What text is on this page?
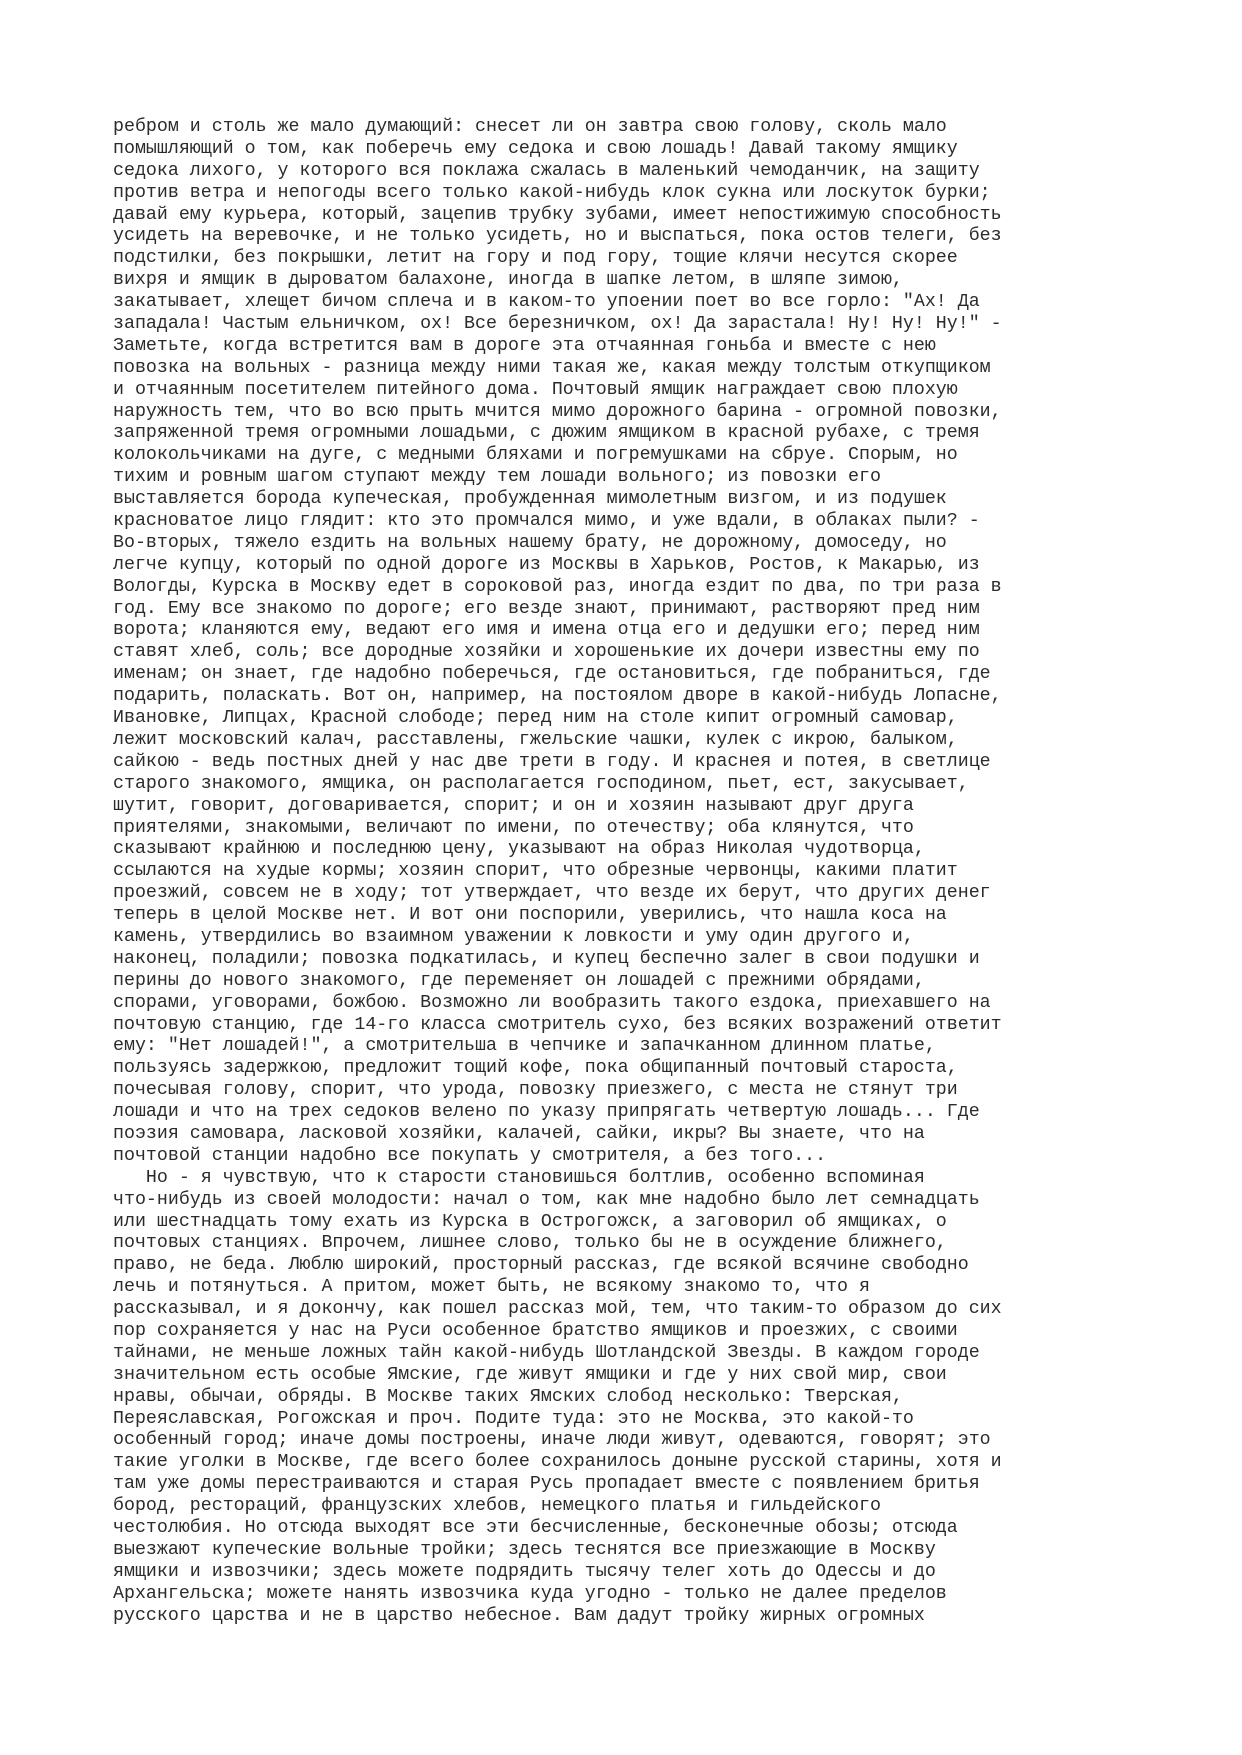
ребром и столь же мало думающий: снесет ли он завтра свою голову, сколь мало
помышляющий о том, как поберечь ему седока и свою лошадь! Давай такому ямщику
седока лихого, у которого вся поклажа сжалась в маленький чемоданчик, на защиту
против ветра и непогоды всего только какой-нибудь клок сукна или лоскуток бурки;
давай ему курьера, который, зацепив трубку зубами, имеет непостижимую способность
усидеть на веревочке, и не только усидеть, но и выспаться, пока остов телеги, без
подстилки, без покрышки, летит на гору и под гору, тощие клячи несутся скорее
вихря и ямщик в дыроватом балахоне, иногда в шапке летом, в шляпе зимою,
закатывает, хлещет бичом сплеча и в каком-то упоении поет во все горло: "Ах! Да
западала! Частым ельничком, ох! Все березничком, ох! Да зарастала! Ну! Ну! Ну!" -
Заметьте, когда встретится вам в дороге эта отчаянная гоньба и вместе с нею
повозка на вольных - разница между ними такая же, какая между толстым откупщиком
и отчаянным посетителем питейного дома. Почтовый ямщик награждает свою плохую
наружность тем, что во всю прыть мчится мимо дорожного барина - огромной повозки,
запряженной тремя огромными лошадьми, с дюжим ямщиком в красной рубахе, с тремя
колокольчиками на дуге, с медными бляхами и погремушками на сбруе. Спорым, но
тихим и ровным шагом ступают между тем лошади вольного; из повозки его
выставляется борода купеческая, пробужденная мимолетным визгом, и из подушек
красноватое лицо глядит: кто это промчался мимо, и уже вдали, в облаках пыли? -
Во-вторых, тяжело ездить на вольных нашему брату, не дорожному, домоседу, но
легче купцу, который по одной дороге из Москвы в Харьков, Ростов, к Макарью, из
Вологды, Курска в Москву едет в сороковой раз, иногда ездит по два, по три раза в
год. Ему все знакомо по дороге; его везде знают, принимают, растворяют пред ним
ворота; кланяются ему, ведают его имя и имена отца его и дедушки его; перед ним
ставят хлеб, соль; все дородные хозяйки и хорошенькие их дочери известны ему по
именам; он знает, где надобно поберечься, где остановиться, где побраниться, где
подарить, поласкать. Вот он, например, на постоялом дворе в какой-нибудь Лопасне,
Ивановке, Липцах, Красной слободе; перед ним на столе кипит огромный самовар,
лежит московский калач, расставлены, гжельские чашки, кулек с икрою, балыком,
сайкою - ведь постных дней у нас две трети в году. И краснея и потея, в светлице
старого знакомого, ямщика, он располагается господином, пьет, ест, закусывает,
шутит, говорит, договаривается, спорит; и он и хозяин называют друг друга
приятелями, знакомыми, величают по имени, по отечеству; оба клянутся, что
сказывают крайнюю и последнюю цену, указывают на образ Николая чудотворца,
ссылаются на худые кормы; хозяин спорит, что обрезные червонцы, какими платит
проезжий, совсем не в ходу; тот утверждает, что везде их берут, что других денег
теперь в целой Москве нет. И вот они поспорили, уверились, что нашла коса на
камень, утвердились во взаимном уважении к ловкости и уму один другого и,
наконец, поладили; повозка подкатилась, и купец беспечно залег в свои подушки и
перины до нового знакомого, где переменяет он лошадей с прежними обрядами,
спорами, уговорами, божбою. Возможно ли вообразить такого ездока, приехавшего на
почтовую станцию, где 14-го класса смотритель сухо, без всяких возражений ответит
ему: "Нет лошадей!", а смотрительша в чепчике и запачканном длинном платье,
пользуясь задержкою, предложит тощий кофе, пока общипанный почтовый староста,
почесывая голову, спорит, что урода, повозку приезжего, с места не стянут три
лошади и что на трех седоков велено по указу припрягать четвертую лошадь... Где
поэзия самовара, ласковой хозяйки, калачей, сайки, икры? Вы знаете, что на
почтовой станции надобно все покупать у смотрителя, а без того...
Но - я чувствую, что к старости становишься болтлив, особенно вспоминая
что-нибудь из своей молодости: начал о том, как мне надобно было лет семнадцать
или шестнадцать тому ехать из Курска в Острогожск, а заговорил об ямщиках, о
почтовых станциях. Впрочем, лишнее слово, только бы не в осуждение ближнего,
право, не беда. Люблю широкий, просторный рассказ, где всякой всячине свободно
лечь и потянуться. А притом, может быть, не всякому знакомо то, что я
рассказывал, и я докончу, как пошел рассказ мой, тем, что таким-то образом до сих
пор сохраняется у нас на Руси особенное братство ямщиков и проезжих, с своими
тайнами, не меньше ложных тайн какой-нибудь Шотландской Звезды. В каждом городе
значительном есть особые Ямские, где живут ямщики и где у них свой мир, свои
нравы, обычаи, обряды. В Москве таких Ямских слобод несколько: Тверская,
Переяславская, Рогожская и проч. Подите туда: это не Москва, это какой-то
особенный город; иначе домы построены, иначе люди живут, одеваются, говорят; это
такие уголки в Москве, где всего более сохранилось доныне русской старины, хотя и
там уже домы перестраиваются и старая Русь пропадает вместе с появлением бритья
бород, рестораций, французских хлебов, немецкого платья и гильдейского
честолюбия. Но отсюда выходят все эти бесчисленные, бесконечные обозы; отсюда
выезжают купеческие вольные тройки; здесь теснятся все приезжающие в Москву
ямщики и извозчики; здесь можете подрядить тысячу телег хоть до Одессы и до
Архангельска; можете нанять извозчика куда угодно - только не далее пределов
русского царства и не в царство небесное. Вам дадут тройку жирных огромных
